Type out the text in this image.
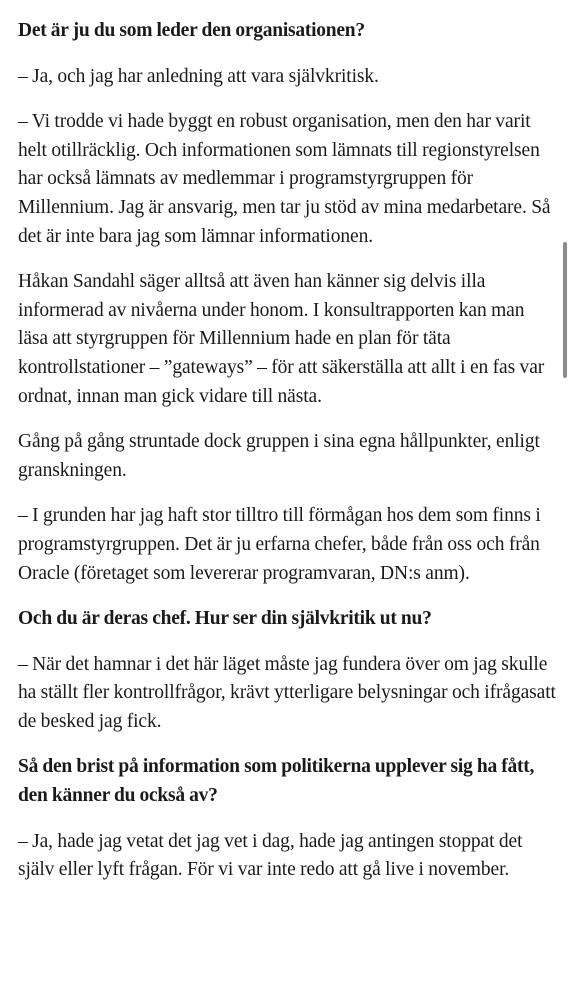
Det är ju du som leder den organisationen?

– Ja, och jag har anledning att vara självkritisk.

– Vi trodde vi hade byggt en robust organisation, men den har varit helt otillräcklig. Och informationen som lämnats till regionstyrelsen har också lämnats av medlemmar i programstyrgruppen för Millennium. Jag är ansvarig, men tar ju stöd av mina medarbetare. Så det är inte bara jag som lämnar informationen.

Håkan Sandahl säger alltså att även han känner sig delvis illa informerad av nivåerna under honom. I konsultrapporten kan man läsa att styrgruppen för Millennium hade en plan för täta kontrollstationer – ”gateways” – för att säkerställa att allt i en fas var ordnat, innan man gick vidare till nästa.

Gång på gång struntade dock gruppen i sina egna hållpunkter, enligt granskningen.

– I grunden har jag haft stor tilltro till förmågan hos dem som finns i programstyrgruppen. Det är ju erfarna chefer, både från oss och från Oracle (företaget som levererar programvaran, DN:s anm).

Och du är deras chef. Hur ser din självkritik ut nu?

– När det hamnar i det här läget måste jag fundera över om jag skulle ha ställt fler kontrollfrågor, krävt ytterligare belysningar och ifrågasatt de besked jag fick.

Så den brist på information som politikerna upplever sig ha fått, den känner du också av?

– Ja, hade jag vetat det jag vet i dag, hade jag antingen stoppat det själv eller lyft frågan. För vi var inte redo att gå live i november.
